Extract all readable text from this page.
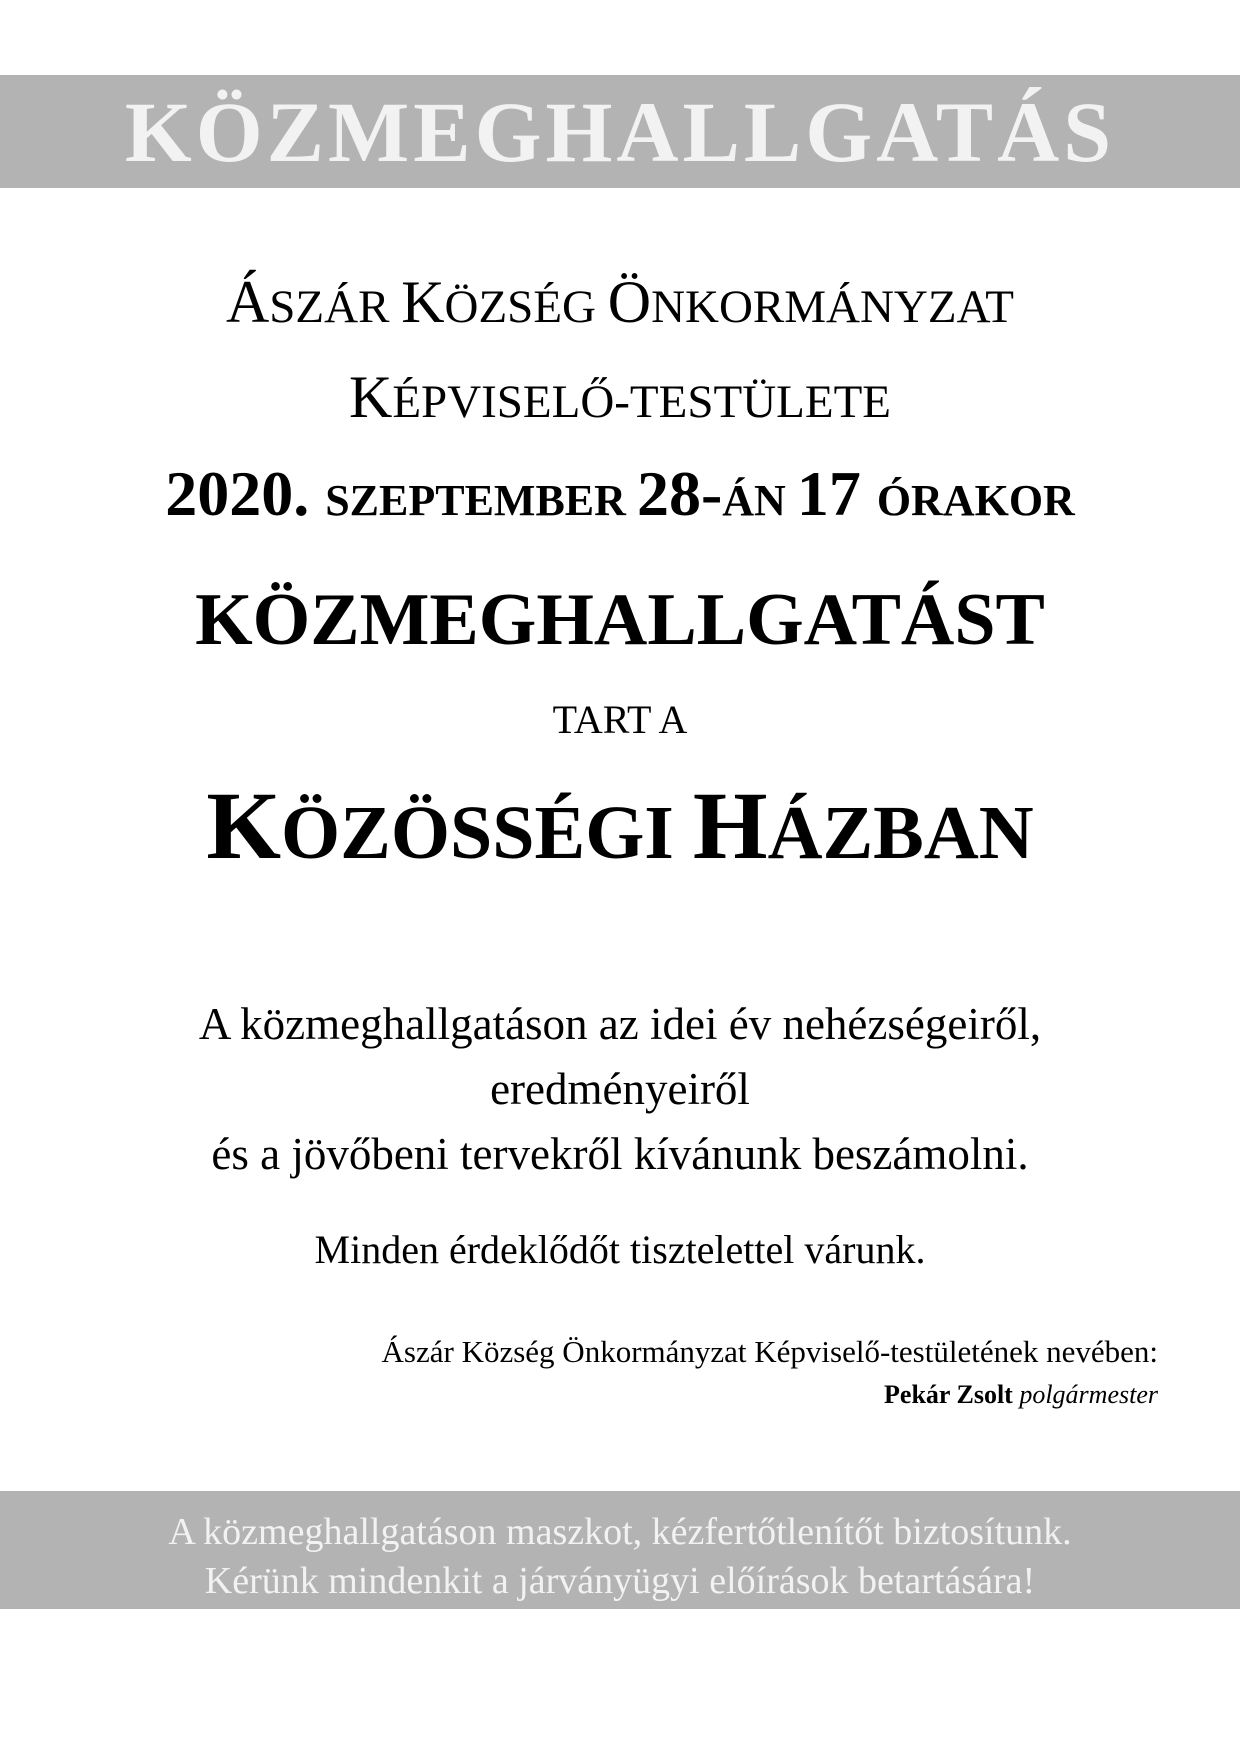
KÖZMEGHALLGATÁS
ÁSZÁR KÖZSÉG ÖNKORMÁNYZAT
KÉPVISELŐ-TESTÜLETE
2020. SZEPTEMBER 28-ÁN 17 ÓRAKOR
KÖZMEGHALLGATÁST
TART A
KÖZÖSSÉGI HÁZBAN
A közmeghallgatáson az idei év nehézségeiről,
eredményeiről
és a jövőbeni tervekről kívánunk beszámolni.
Minden érdeklődőt tisztelettel várunk.
Ászár Község Önkormányzat Képviselő-testületének nevében:
Pekár Zsolt polgármester
A közmeghallgatáson maszkot, kézfertőtlenítőt biztosítunk.
Kérünk mindenkit a járványügyi előírások betartására!
